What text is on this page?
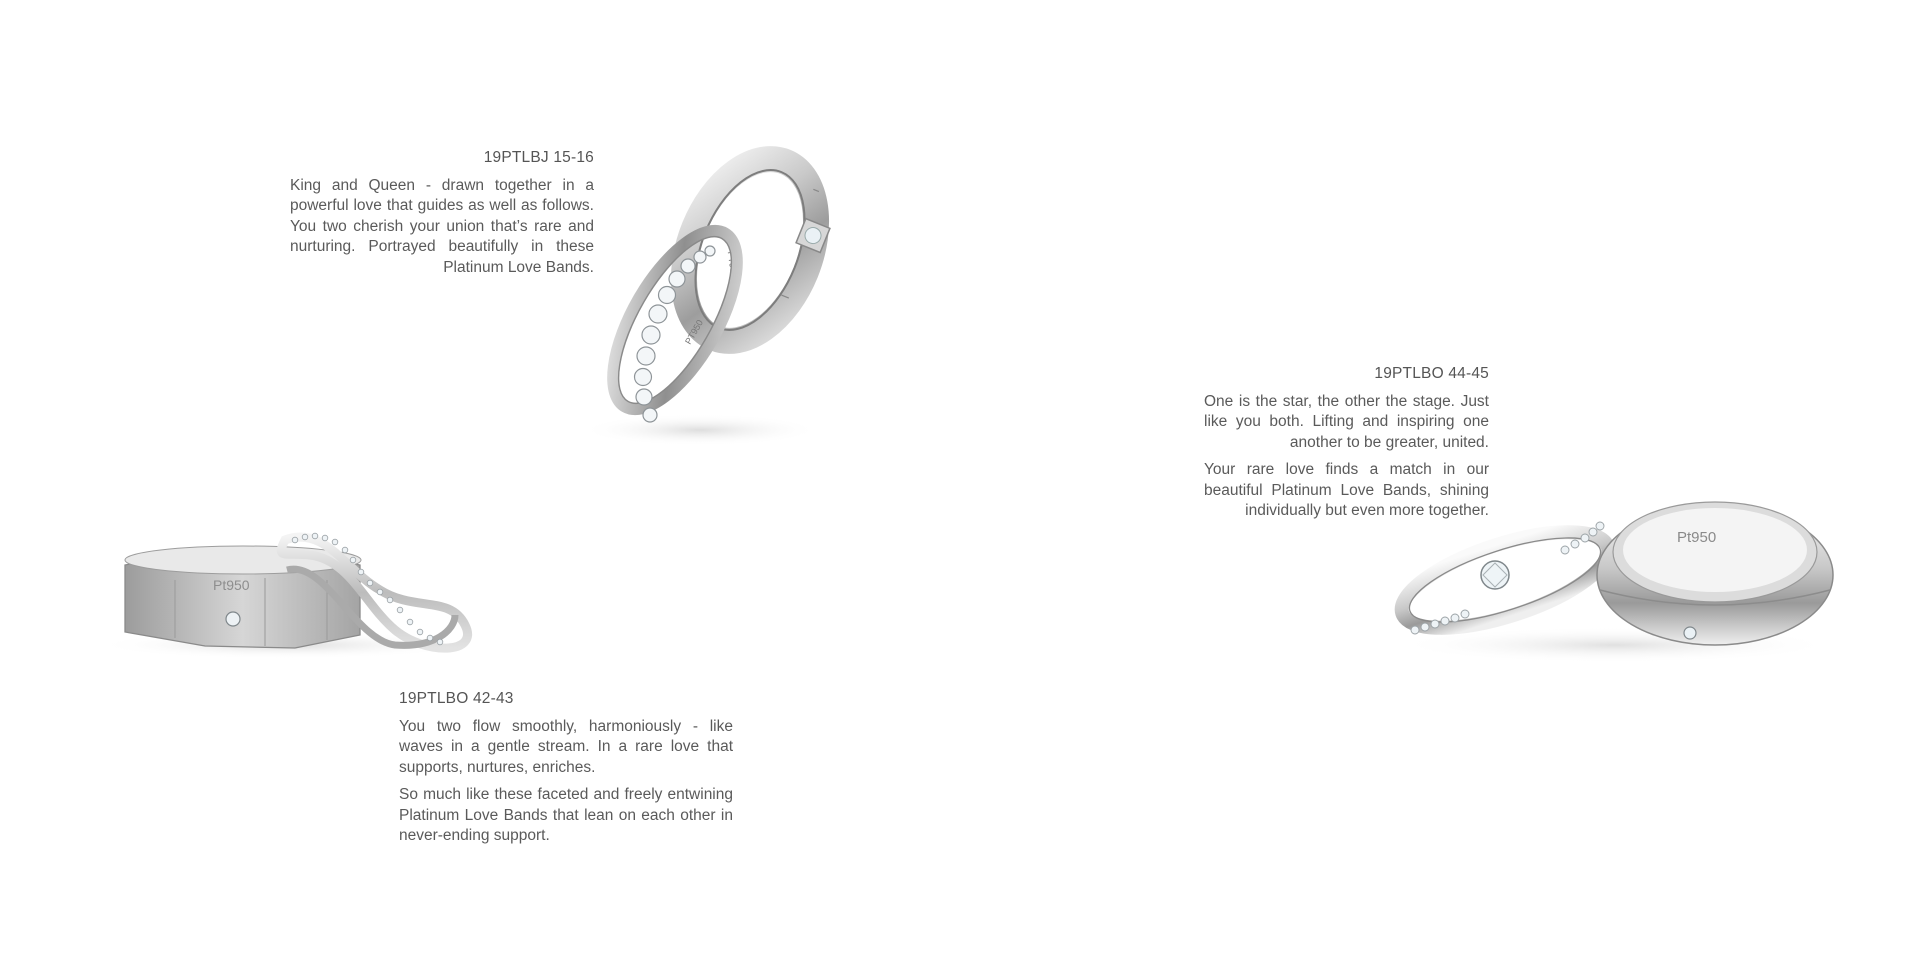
19PTLBJ 15-16

King and Queen - drawn together in a powerful love that guides as well as follows. You two cherish your union that’s rare and nurturing. Portrayed beautifully in these Platinum Love Bands.	PT950
PT950
19PTLBO 44-45

One is the star, the other the stage. Just like you both. Lifting and inspiring one another to be greater, united.

Your rare love finds a match in our beautiful Platinum Love Bands, shining individually but even more together.

Pt950
Pt950
19PTLBO 42-43

You two flow smoothly, harmoniously - like waves in a gentle stream. In a rare love that supports, nurtures, enriches.

So much like these faceted and freely entwining Platinum Love Bands that lean on each other in never-ending support.
